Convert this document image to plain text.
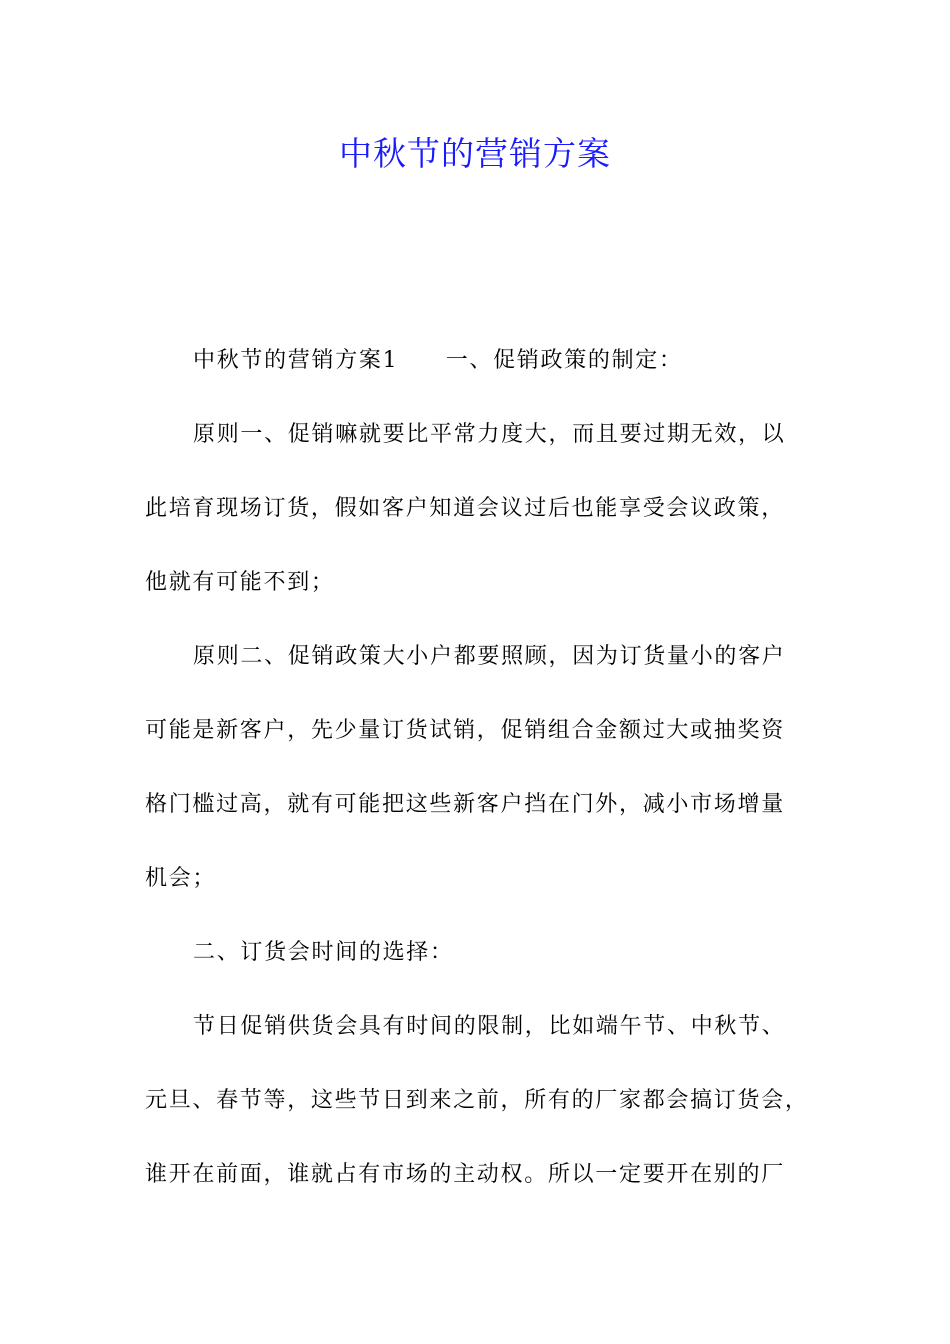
中秋节的营销方案
中秋节的营销方案1　　一、促销政策的制定：
原则一、促销嘛就要比平常力度大，而且要过期无效，以
此培育现场订货，假如客户知道会议过后也能享受会议政策，
他就有可能不到；
原则二、促销政策大小户都要照顾，因为订货量小的客户
可能是新客户，先少量订货试销，促销组合金额过大或抽奖资
格门槛过高，就有可能把这些新客户挡在门外，减小市场增量
机会；
二、订货会时间的选择：
节日促销供货会具有时间的限制，比如端午节、中秋节、
元旦、春节等，这些节日到来之前，所有的厂家都会搞订货会，
谁开在前面，谁就占有市场的主动权。所以一定要开在别的厂
